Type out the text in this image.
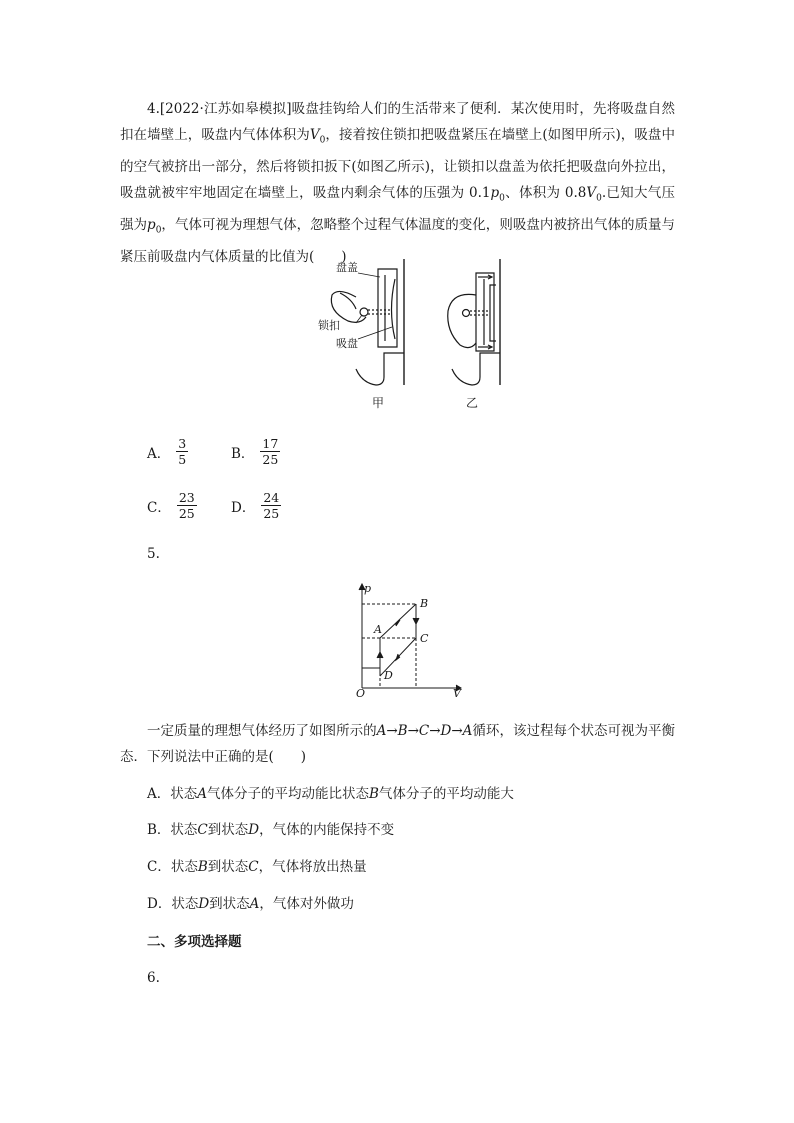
4.[2022·江苏如皋模拟]吸盘挂钩给人们的生活带来了便利．某次使用时，先将吸盘自然扣在墙壁上，吸盘内气体体积为$V_0$，接着按住锁扣把吸盘紧压在墙壁上(如图甲所示)，吸盘中的空气被挤出一部分，然后将锁扣扳下(如图乙所示)，让锁扣以盘盖为依托把吸盘向外拉出，吸盘就被牢牢地固定在墙壁上，吸盘内剩余气体的压强为 $0.1p_0$、体积为 $0.8V_0$.已知大气压强为$p_0$，气体可视为理想气体，忽略整个过程气体温度的变化，则吸盘内被挤出气体的质量与紧压前吸盘内气体质量的比值为(　　)
盘盖
锁扣
吸盘
甲	乙
A． $\frac{3}{5}$	B． $\frac{17}{25}$
C． $\frac{23}{25}$	D． $\frac{24}{25}$
5.
p
V
O
A
B
C
D
一定质量的理想气体经历了如图所示的A→B→C→D→A循环，该过程每个状态可视为平衡态．下列说法中正确的是(　　)
A．状态A气体分子的平均动能比状态B气体分子的平均动能大
B．状态C到状态D，气体的内能保持不变
C．状态B到状态C，气体将放出热量
D．状态D到状态A，气体对外做功
二、多项选择题
6.
